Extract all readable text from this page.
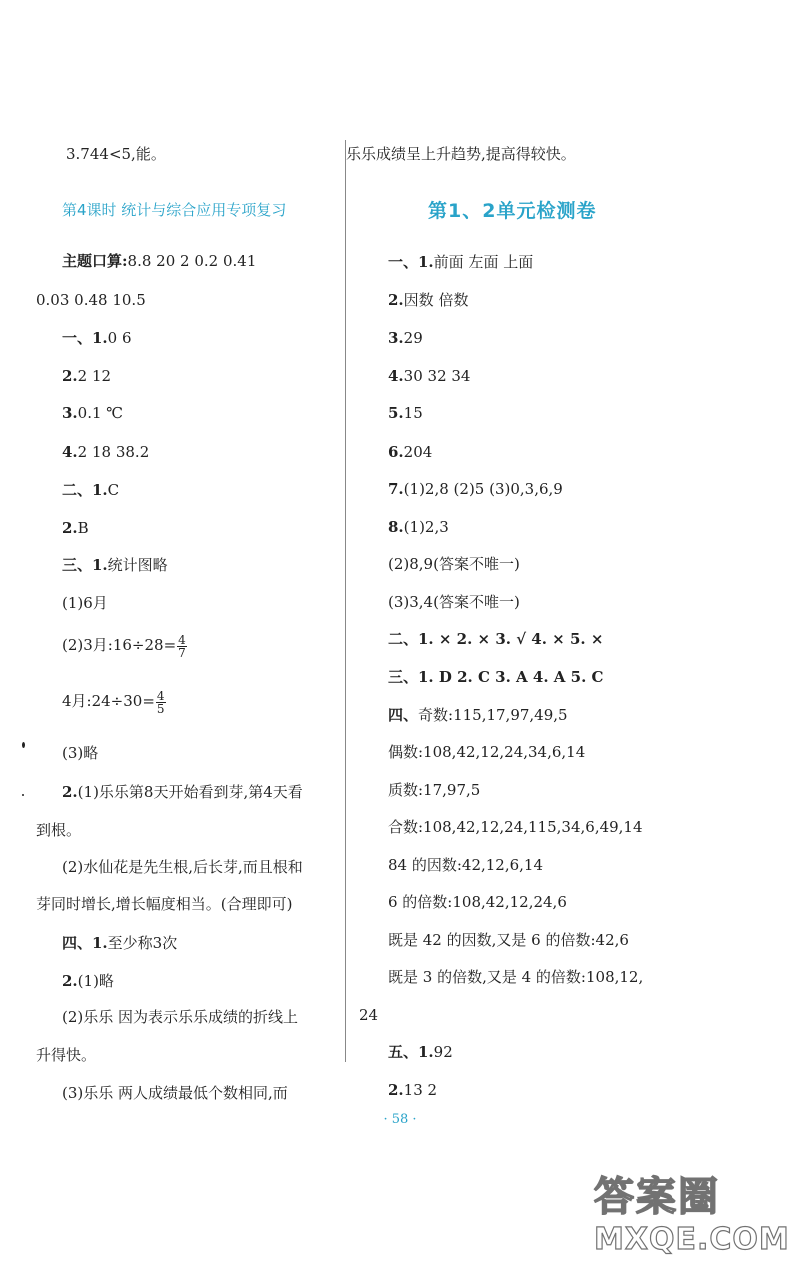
3.744<5,能。
第4课时 统计与综合应用专项复习
主题口算:8.8 20 2 0.2 0.41
0.03 0.48 10.5
一、1.0 6
2.2 12
3.0.1 ℃
4.2 18 38.2
二、1.C
2.B
三、1.统计图略
(1)6月
(2)3月:16÷28= $\frac{4}{7}$
4月:24÷30= $\frac{4}{5}$
(3)略
2.(1)乐乐第8天开始看到芽,第4天看
到根。
(2)水仙花是先生根,后长芽,而且根和
芽同时增长,增长幅度相当。(合理即可)
四、1.至少称3次
2.(1)略
(2)乐乐 因为表示乐乐成绩的折线上
升得快。
(3)乐乐 两人成绩最低个数相同,而
乐乐成绩呈上升趋势,提高得较快。
第1、2单元检测卷
一、1.前面 左面 上面
2.因数 倍数
3.29
4.30 32 34
5.15
6.204
7.(1)2,8 (2)5 (3)0,3,6,9
8.(1)2,3
(2)8,9(答案不唯一)
(3)3,4(答案不唯一)
二、1. × 2. × 3. √ 4. × 5. ×
三、1. D 2. C 3. A 4. A 5. C
四、奇数:115,17,97,49,5
偶数:108,42,12,24,34,6,14
质数:17,97,5
合数:108,42,12,24,115,34,6,49,14
84 的因数:42,12,6,14
6 的倍数:108,42,12,24,6
既是 42 的因数,又是 6 的倍数:42,6
既是 3 的倍数,又是 4 的倍数:108,12,
24
五、1.92
2.13 2
· 58 ·
答案圈
MXQE.COM
